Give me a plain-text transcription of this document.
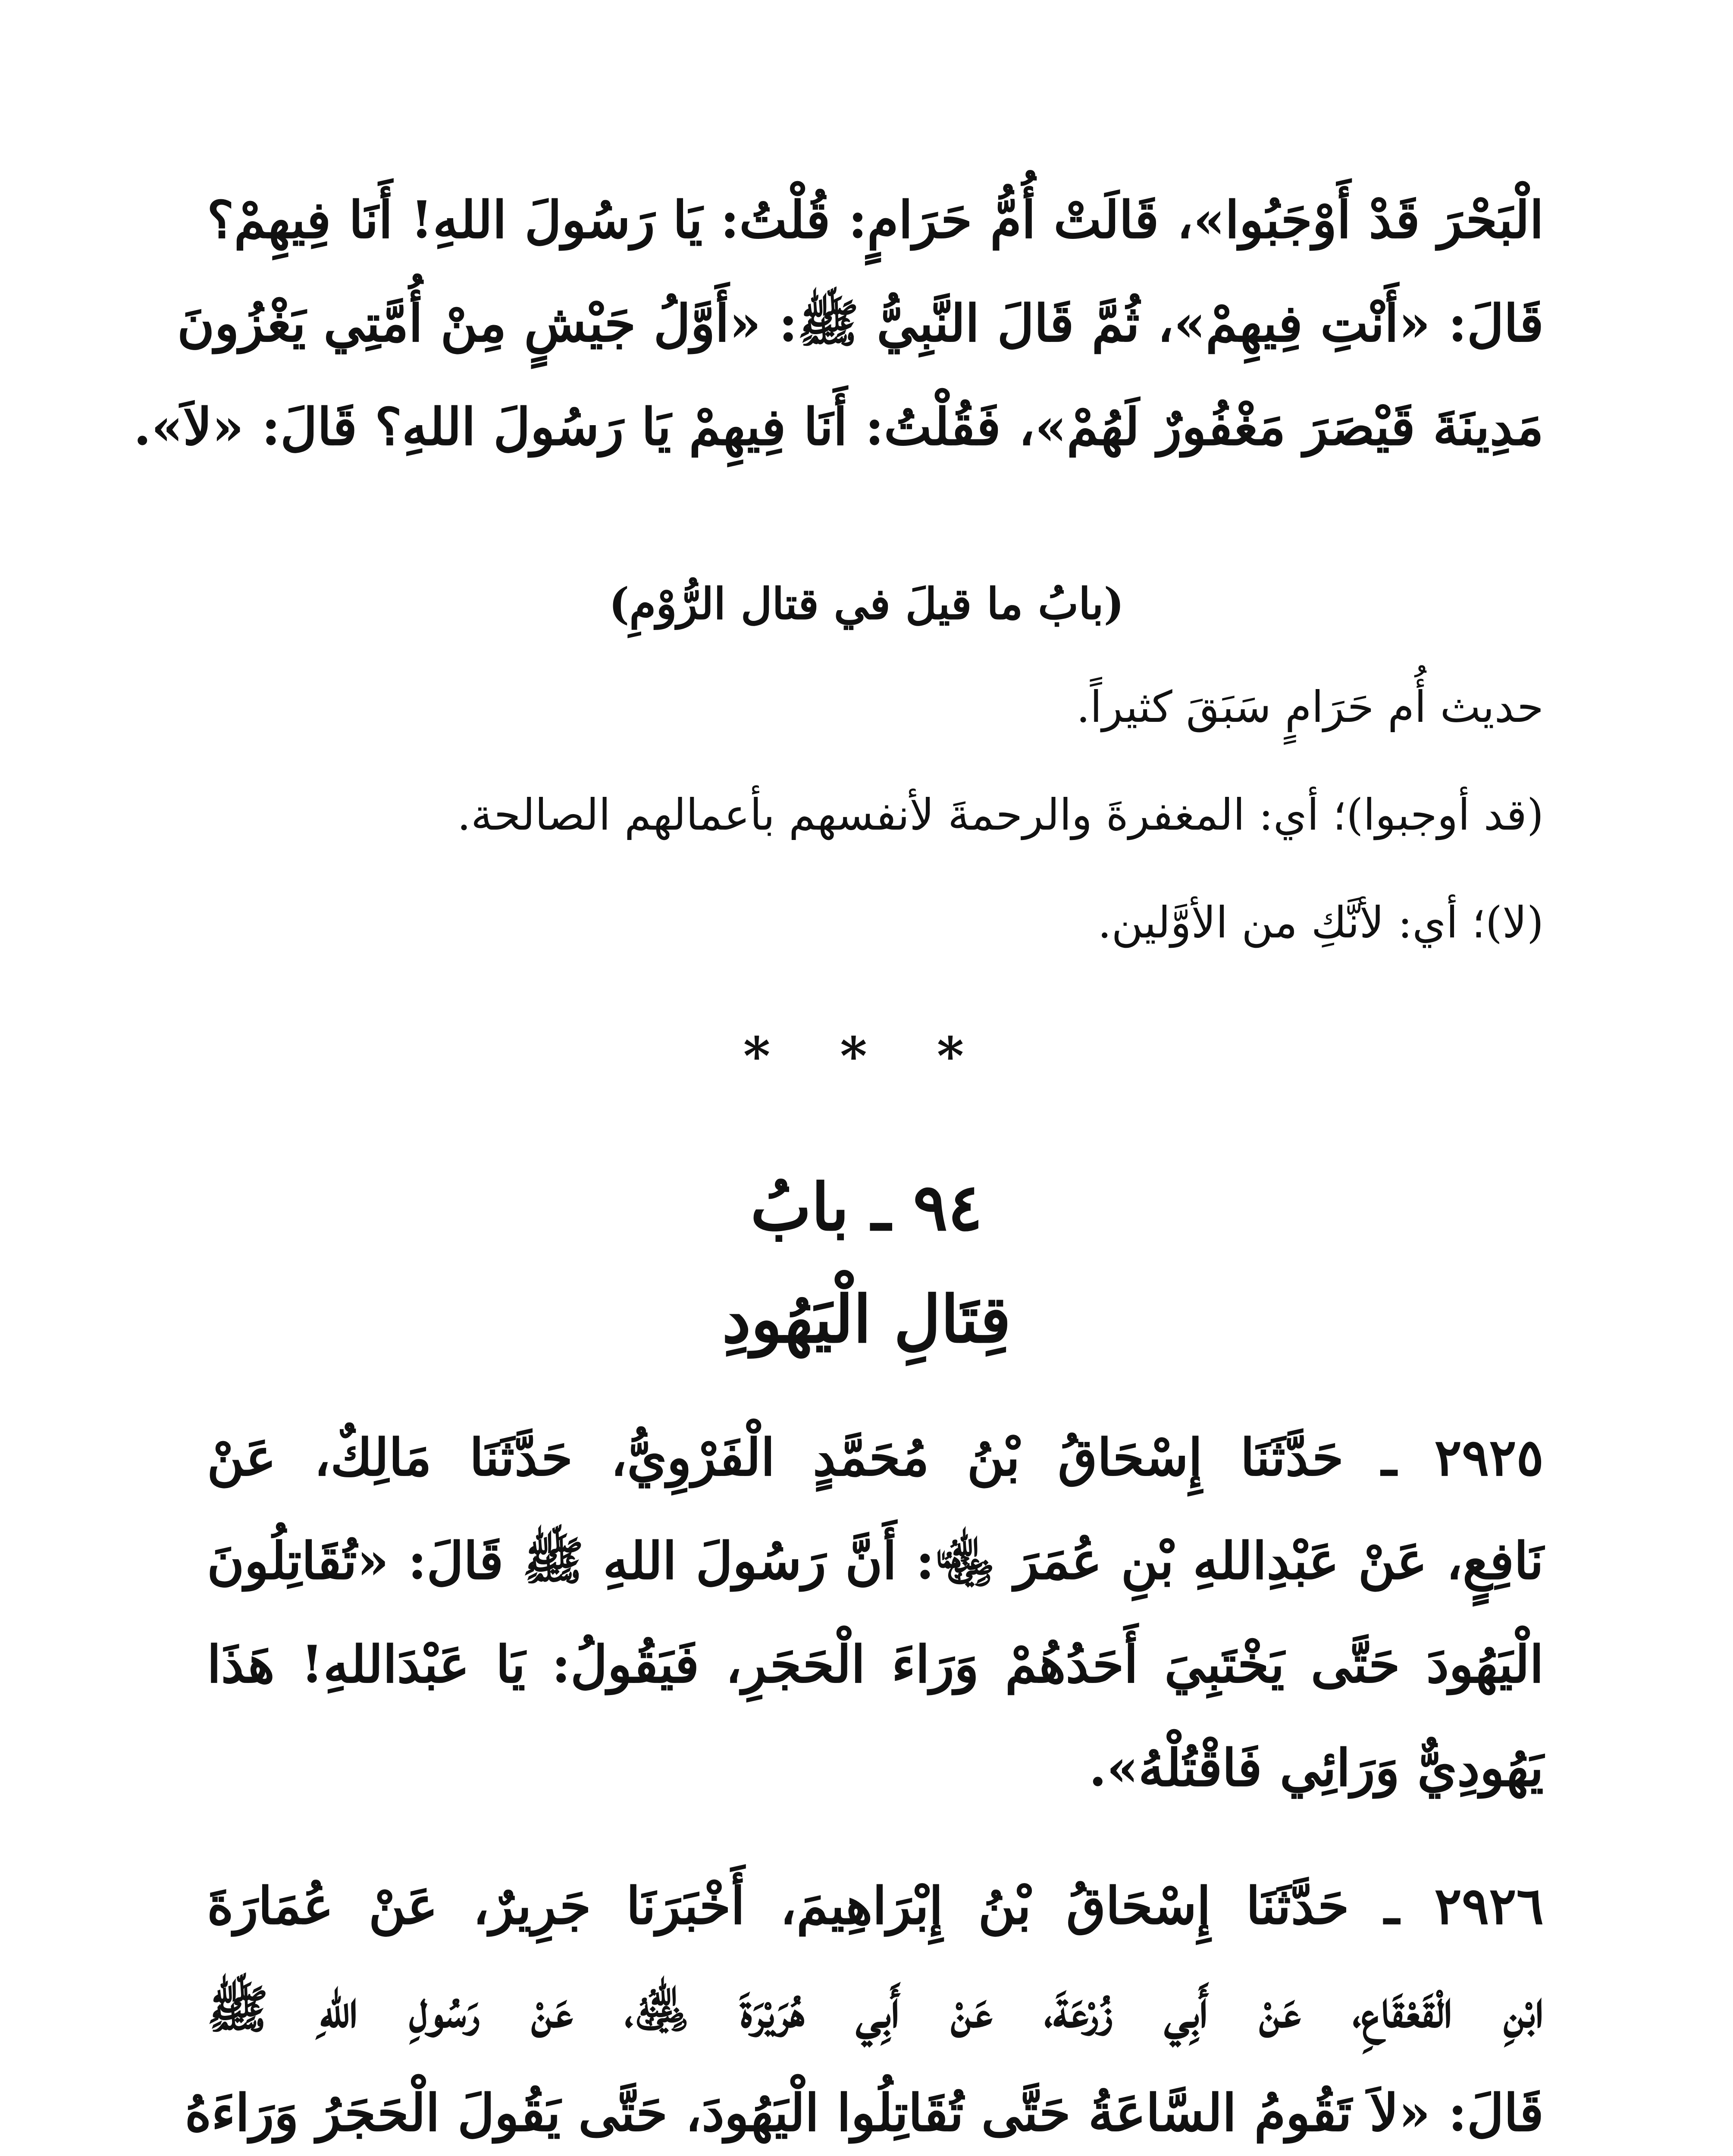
الْبَحْرَ قَدْ أَوْجَبُوا»، قَالَتْ أُمُّ حَرَامٍ: قُلْتُ: يَا رَسُولَ اللهِ! أَنَا فِيهِمْ؟
قَالَ: «أَنْتِ فِيهِمْ»، ثُمَّ قَالَ النَّبِيُّ ﷺ: «أَوَّلُ جَيْشٍ مِنْ أُمَّتِي يَغْزُونَ
مَدِينَةَ قَيْصَرَ مَغْفُورٌ لَهُمْ»، فَقُلْتُ: أَنَا فِيهِمْ يَا رَسُولَ اللهِ؟ قَالَ: «لاَ».
(بابُ ما قيلَ في قتال الرُّوْمِ)
حديث أُم حَرَامٍ سَبَقَ كثيراً.
(قد أوجبوا)؛ أي: المغفرةَ والرحمةَ لأنفسهم بأعمالهم الصالحة.
(لا)؛ أي: لأنَّكِ من الأوَّلين.
* * *
٩٤ ـ بابُ
قِتَالِ الْيَهُودِ
٢٩٢٥ ـ حَدَّثَنَا إِسْحَاقُ بْنُ مُحَمَّدٍ الْفَرْوِيُّ، حَدَّثَنَا مَالِكٌ، عَنْ
نَافِعٍ، عَنْ عَبْدِاللهِ بْنِ عُمَرَ ﵄: أَنَّ رَسُولَ اللهِ ﷺ قَالَ: «تُقَاتِلُونَ
الْيَهُودَ حَتَّى يَخْتَبِيَ أَحَدُهُمْ وَرَاءَ الْحَجَرِ، فَيَقُولُ: يَا عَبْدَاللهِ! هَذَا
يَهُودِيٌّ وَرَائِي فَاقْتُلْهُ».
٢٩٢٦ ـ حَدَّثَنَا إِسْحَاقُ بْنُ إِبْرَاهِيمَ، أَخْبَرَنَا جَرِيرٌ، عَنْ عُمَارَةَ
ابْنِ الْقَعْقَاعِ، عَنْ أَبِي زُرْعَةَ، عَنْ أَبِي هُرَيْرَةَ ﵁، عَنْ رَسُولِ اللهِ ﷺ
قَالَ: «لاَ تَقُومُ السَّاعَةُ حَتَّى تُقَاتِلُوا الْيَهُودَ، حَتَّى يَقُولَ الْحَجَرُ وَرَاءَهُ
